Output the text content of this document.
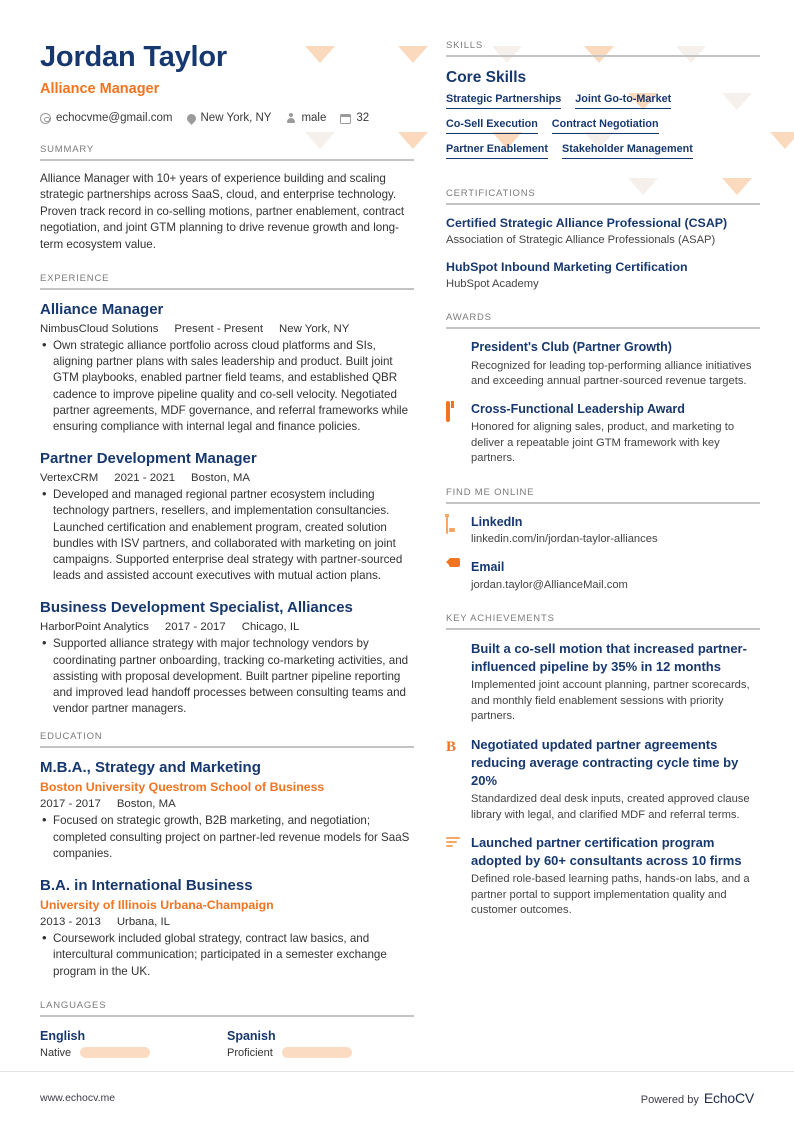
Jordan Taylor
Alliance Manager
echocvme@gmail.com New York, NY	male	32
SUMMARY
Alliance Manager with 10+ years of experience building and scaling strategic partnerships across SaaS, cloud, and enterprise technology. Proven track record in co-selling motions, partner enablement, contract negotiation, and joint GTM planning to drive revenue growth and long-term ecosystem value.
EXPERIENCE
Alliance Manager
NimbusCloud Solutions Present - Present New York, NY
• Own strategic alliance portfolio across cloud platforms and SIs, aligning partner plans with sales leadership and product. Built joint GTM playbooks, enabled partner field teams, and established QBR cadence to improve pipeline quality and co-sell velocity. Negotiated partner agreements, MDF governance, and referral frameworks while ensuring compliance with internal legal and finance policies.
Partner Development Manager
VertexCRM 2021 - 2021 Boston, MA
• Developed and managed regional partner ecosystem including technology partners, resellers, and implementation consultancies. Launched certification and enablement program, created solution bundles with ISV partners, and collaborated with marketing on joint campaigns. Supported enterprise deal strategy with partner-sourced leads and assisted account executives with mutual action plans.
Business Development Specialist, Alliances
HarborPoint Analytics 2017 - 2017 Chicago, IL
• Supported alliance strategy with major technology vendors by coordinating partner onboarding, tracking co-marketing activities, and assisting with proposal development. Built partner pipeline reporting and improved lead handoff processes between consulting teams and vendor partner managers.
EDUCATION
M.B.A., Strategy and Marketing
Boston University Questrom School of Business
2017 - 2017 Boston, MA
• Focused on strategic growth, B2B marketing, and negotiation; completed consulting project on partner-led revenue models for SaaS companies.
B.A. in International Business
University of Illinois Urbana-Champaign
2013 - 2013 Urbana, IL
• Coursework included global strategy, contract law basics, and intercultural communication; participated in a semester exchange program in the UK.
LANGUAGES
English
Native
Spanish
Proficient
SKILLS
Core Skills
Strategic Partnerships Joint Go-to-Market
Co-Sell Execution Contract Negotiation
Partner Enablement Stakeholder Management
CERTIFICATIONS
Certified Strategic Alliance Professional (CSAP)
Association of Strategic Alliance Professionals (ASAP)
HubSpot Inbound Marketing Certification
HubSpot Academy
AWARDS
President's Club (Partner Growth)
Recognized for leading top-performing alliance initiatives and exceeding annual partner-sourced revenue targets.
Cross-Functional Leadership Award
Honored for aligning sales, product, and marketing to deliver a repeatable joint GTM framework with key partners.
FIND ME ONLINE
LinkedIn
linkedin.com/in/jordan-taylor-alliances
Email
jordan.taylor@AllianceMail.com
KEY ACHIEVEMENTS
Built a co-sell motion that increased partner-influenced pipeline by 35% in 12 months
Implemented joint account planning, partner scorecards, and monthly field enablement sessions with priority partners.
B	Negotiated updated partner agreements reducing average contracting cycle time by 20%
Standardized deal desk inputs, created approved clause library with legal, and clarified MDF and referral terms.
Launched partner certification program adopted by 60+ consultants across 10 firms
Defined role-based learning paths, hands-on labs, and a partner portal to support implementation quality and customer outcomes.
www.echocv.me	Powered by EchoCV
